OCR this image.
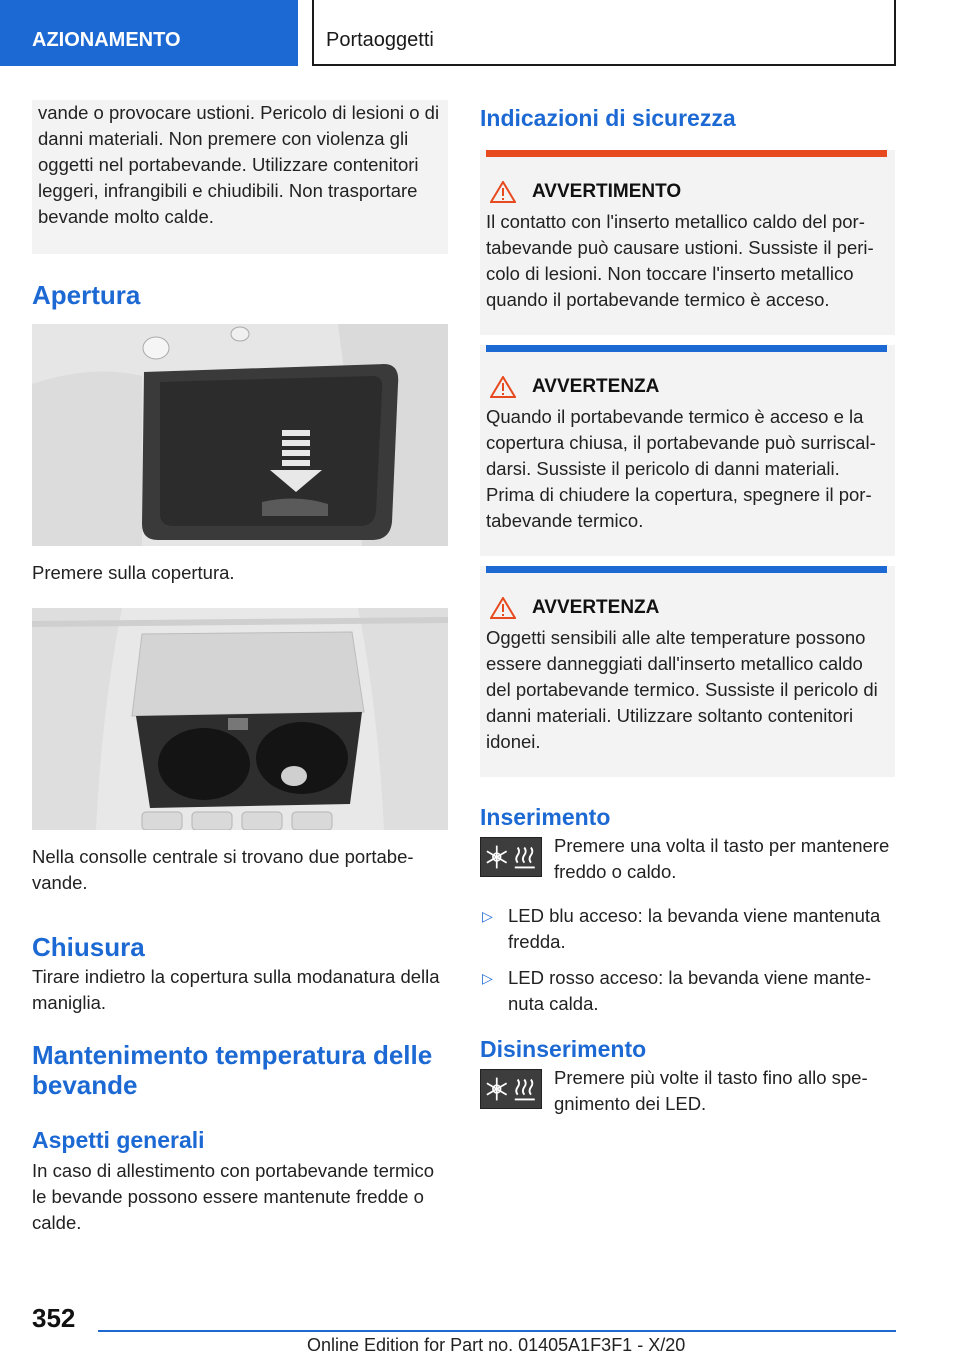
AZIONAMENTO	Portaoggetti

vande o provocare ustioni. Pericolo di lesioni o di danni materiali. Non premere con violenza gli oggetti nel portabevande. Utilizzare contenitori leggeri, infrangibili e chiudibili. Non trasportare bevande molto calde.

Apertura

Premere sulla copertura.

Nella consolle centrale si trovano due portabevande.

Chiusura

Tirare indietro la copertura sulla modanatura della maniglia.

Mantenimento temperatura delle bevande
Aspetti generali

In caso di allestimento con portabevande termico le bevande possono essere mantenute fredde o calde.

Indicazioni di sicurezza
AVVERTIMENTO

Il contatto con l'inserto metallico caldo del portabevande può causare ustioni. Sussiste il pericolo di lesioni. Non toccare l'inserto metallico quando il portabevande termico è acceso.

AVVERTENZA

Quando il portabevande termico è acceso e la copertura chiusa, il portabevande può surriscaldarsi. Sussiste il pericolo di danni materiali. Prima di chiudere la copertura, spegnere il portabevande termico.

AVVERTENZA

Oggetti sensibili alle alte temperature possono essere danneggiati dall'inserto metallico caldo del portabevande termico. Sussiste il pericolo di danni materiali. Utilizzare soltanto contenitori idonei.

Inserimento

Premere una volta il tasto per mantenere freddo o caldo.

▷ LED blu acceso: la bevanda viene mantenuta fredda.
▷ LED rosso acceso: la bevanda viene mantenuta calda.
Disinserimento

Premere più volte il tasto fino allo spegnimento dei LED.

352
Online Edition for Part no. 01405A1F3F1 - X/20
